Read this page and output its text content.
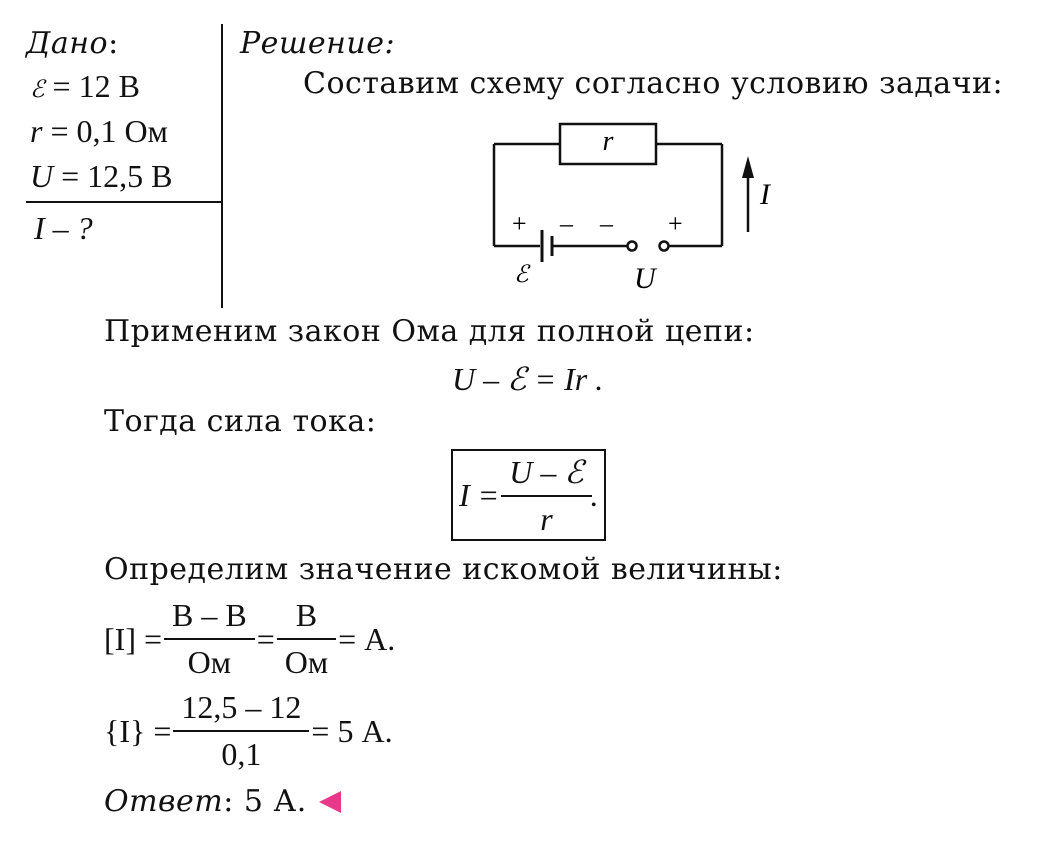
Дано:
ℰ = 12 В
r = 0,1 Ом
U = 12,5 В
I – ?
Решение:
Составим схему согласно условию задачи:
r
+ – – +
ℰ	U
I
Применим закон Ома для полной цепи:
U – ℰ = Ir .
Тогда сила тока:
$I = \frac{\text{U – ℰ}}{r}$ .
Определим значение искомой величины:
$[I] = \frac{В - В}{Ом} = \frac{В}{Ом} = А$.
$\{I\} = \frac{12,5 - 12}{0,1} = 5$ А.
Ответ : 5 А.
